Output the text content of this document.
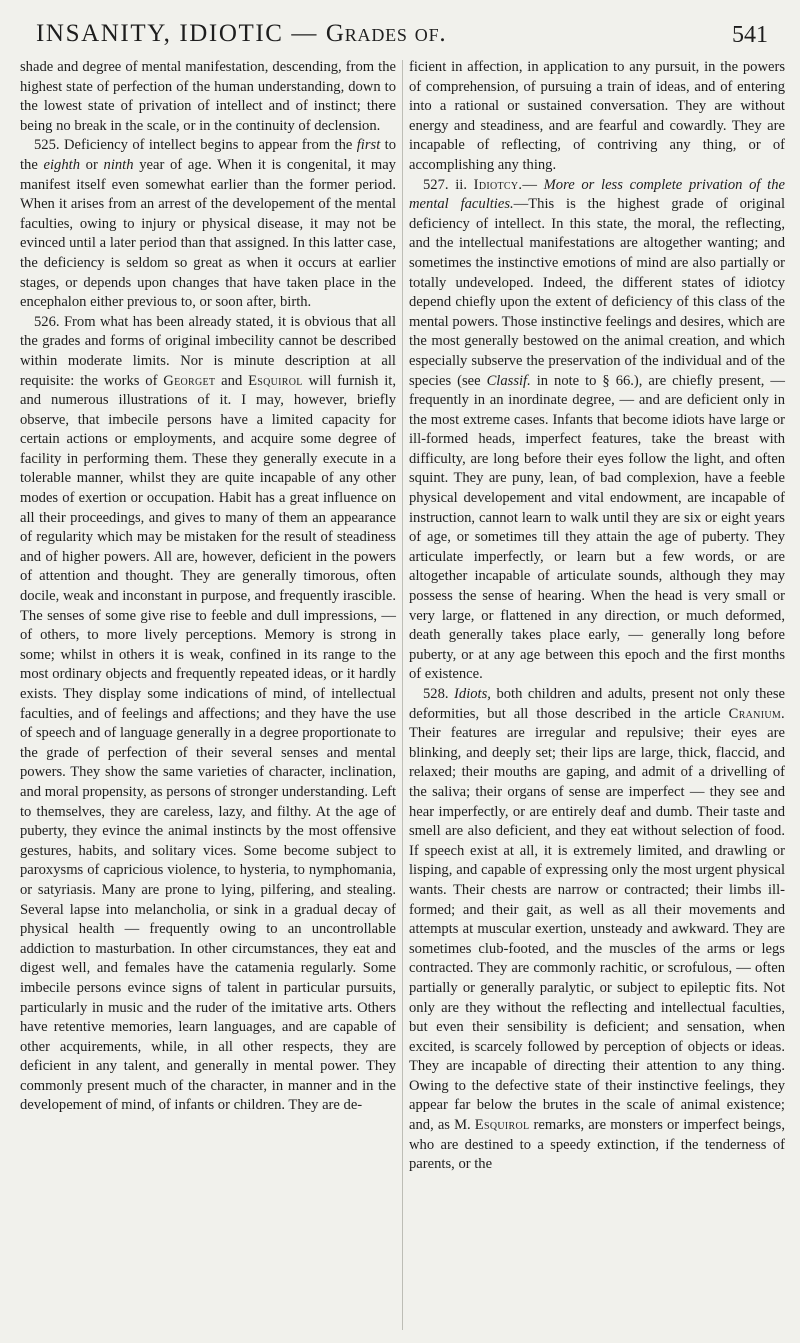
INSANITY, IDIOTIC — Grades of.	541

shade and degree of mental manifestation, descending, from the highest state of perfection of the human understanding, down to the lowest state of privation of intellect and of instinct; there being no break in the scale, or in the continuity of declension.

525. Deficiency of intellect begins to appear from the first to the eighth or ninth year of age. When it is congenital, it may manifest itself even somewhat earlier than the former period. When it arises from an arrest of the developement of the mental faculties, owing to injury or physical disease, it may not be evinced until a later period than that assigned. In this latter case, the deficiency is seldom so great as when it occurs at earlier stages, or depends upon changes that have taken place in the encephalon either previous to, or soon after, birth.

526. From what has been already stated, it is obvious that all the grades and forms of original imbecility cannot be described within moderate limits. Nor is minute description at all requisite: the works of Georget and Esquirol will furnish it, and numerous illustrations of it. I may, however, briefly observe, that imbecile persons have a limited capacity for certain actions or employments, and acquire some degree of facility in performing them. These they generally execute in a tolerable manner, whilst they are quite incapable of any other modes of exertion or occupation. Habit has a great influence on all their proceedings, and gives to many of them an appearance of regularity which may be mistaken for the result of steadiness and of higher powers. All are, however, deficient in the powers of attention and thought. They are generally timorous, often docile, weak and inconstant in purpose, and frequently irascible. The senses of some give rise to feeble and dull impressions, — of others, to more lively perceptions. Memory is strong in some; whilst in others it is weak, confined in its range to the most ordinary objects and frequently repeated ideas, or it hardly exists. They display some indications of mind, of intellectual faculties, and of feelings and affections; and they have the use of speech and of language generally in a degree proportionate to the grade of perfection of their several senses and mental powers. They show the same varieties of character, inclination, and moral propensity, as persons of stronger understanding. Left to themselves, they are careless, lazy, and filthy. At the age of puberty, they evince the animal instincts by the most offensive gestures, habits, and solitary vices. Some become subject to paroxysms of capricious violence, to hysteria, to nymphomania, or satyriasis. Many are prone to lying, pilfering, and stealing. Several lapse into melancholia, or sink in a gradual decay of physical health — frequently owing to an uncontrollable addiction to masturbation. In other circumstances, they eat and digest well, and females have the catamenia regularly. Some imbecile persons evince signs of talent in particular pursuits, particularly in music and the ruder of the imitative arts. Others have retentive memories, learn languages, and are capable of other acquirements, while, in all other respects, they are deficient in any talent, and generally in mental power. They commonly present much of the character, in manner and in the developement of mind, of infants or children. They are de-

ficient in affection, in application to any pursuit, in the powers of comprehension, of pursuing a train of ideas, and of entering into a rational or sustained conversation. They are without energy and steadiness, and are fearful and cowardly. They are incapable of reflecting, of contriving any thing, or of accomplishing any thing.

527. ii. Idiotcy.— More or less complete privation of the mental faculties.—This is the highest grade of original deficiency of intellect. In this state, the moral, the reflecting, and the intellectual manifestations are altogether wanting; and sometimes the instinctive emotions of mind are also partially or totally undeveloped. Indeed, the different states of idiotcy depend chiefly upon the extent of deficiency of this class of the mental powers. Those instinctive feelings and desires, which are the most generally bestowed on the animal creation, and which especially subserve the preservation of the individual and of the species (see Classif. in note to § 66.), are chiefly present, — frequently in an inordinate degree, — and are deficient only in the most extreme cases. Infants that become idiots have large or ill-formed heads, imperfect features, take the breast with difficulty, are long before their eyes follow the light, and often squint. They are puny, lean, of bad complexion, have a feeble physical developement and vital endowment, are incapable of instruction, cannot learn to walk until they are six or eight years of age, or sometimes till they attain the age of puberty. They articulate imperfectly, or learn but a few words, or are altogether incapable of articulate sounds, although they may possess the sense of hearing. When the head is very small or very large, or flattened in any direction, or much deformed, death generally takes place early, — generally long before puberty, or at any age between this epoch and the first months of existence.

528. Idiots, both children and adults, present not only these deformities, but all those described in the article Cranium. Their features are irregular and repulsive; their eyes are blinking, and deeply set; their lips are large, thick, flaccid, and relaxed; their mouths are gaping, and admit of a drivelling of the saliva; their organs of sense are imperfect — they see and hear imperfectly, or are entirely deaf and dumb. Their taste and smell are also deficient, and they eat without selection of food. If speech exist at all, it is extremely limited, and drawling or lisping, and capable of expressing only the most urgent physical wants. Their chests are narrow or contracted; their limbs ill-formed; and their gait, as well as all their movements and attempts at muscular exertion, unsteady and awkward. They are sometimes club-footed, and the muscles of the arms or legs contracted. They are commonly rachitic, or scrofulous, — often partially or generally paralytic, or subject to epileptic fits. Not only are they without the reflecting and intellectual faculties, but even their sensibility is deficient; and sensation, when excited, is scarcely followed by perception of objects or ideas. They are incapable of directing their attention to any thing. Owing to the defective state of their instinctive feelings, they appear far below the brutes in the scale of animal existence; and, as M. Esquirol remarks, are monsters or imperfect beings, who are destined to a speedy extinction, if the tenderness of parents, or the
